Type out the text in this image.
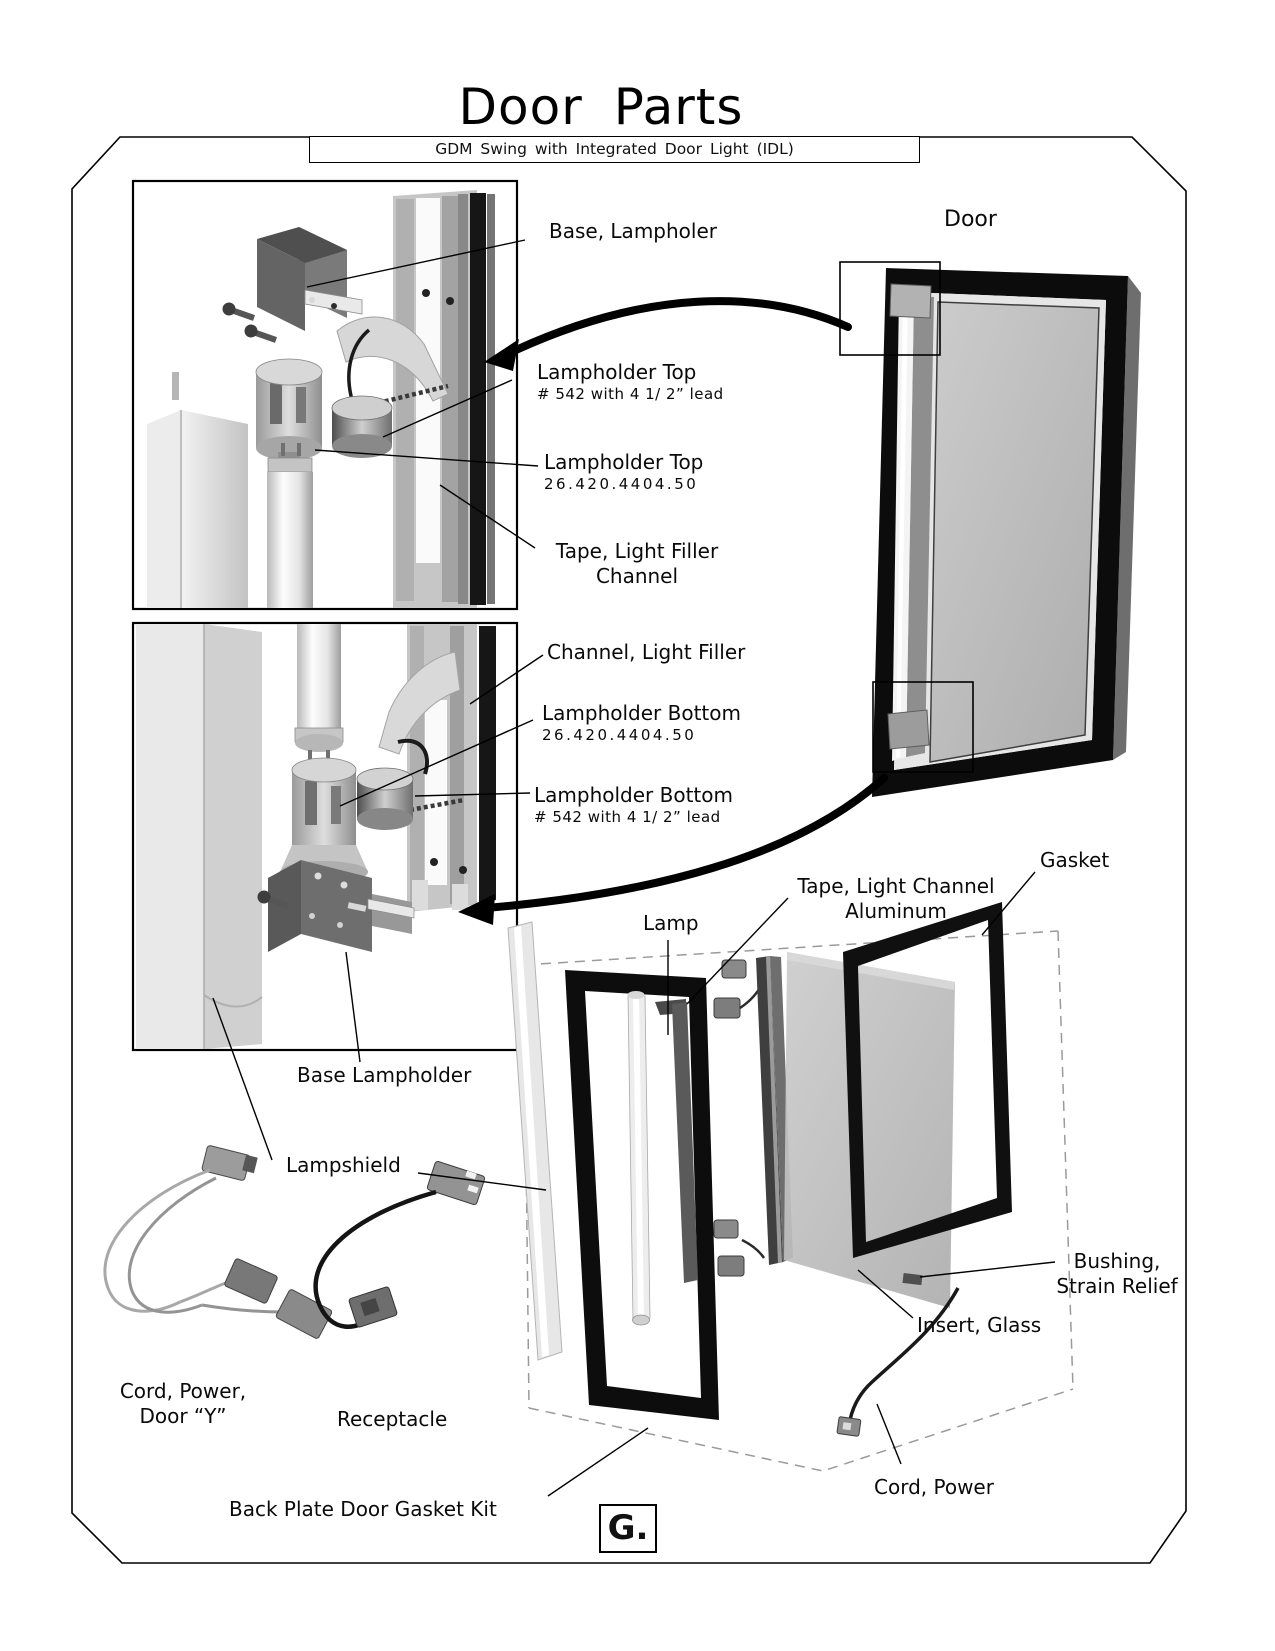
Door Parts
GDM Swing with Integrated Door Light (IDL)
Door
Base, Lampholer
Lampholder Top
# 542 with 4 1/ 2” lead
Lampholder Top
26.420.4404.50
Tape, Light Filler
Channel
Channel, Light Filler
Lampholder Bottom
26.420.4404.50
Lampholder Bottom
# 542 with 4 1/ 2” lead
Gasket
Tape, Light Channel
Aluminum
Lamp
Base Lampholder
Lampshield
Bushing,
Strain Relief
Insert, Glass
Cord, Power,
Door “Y”	Receptacle
Cord, Power
Back Plate Door Gasket Kit	G.
